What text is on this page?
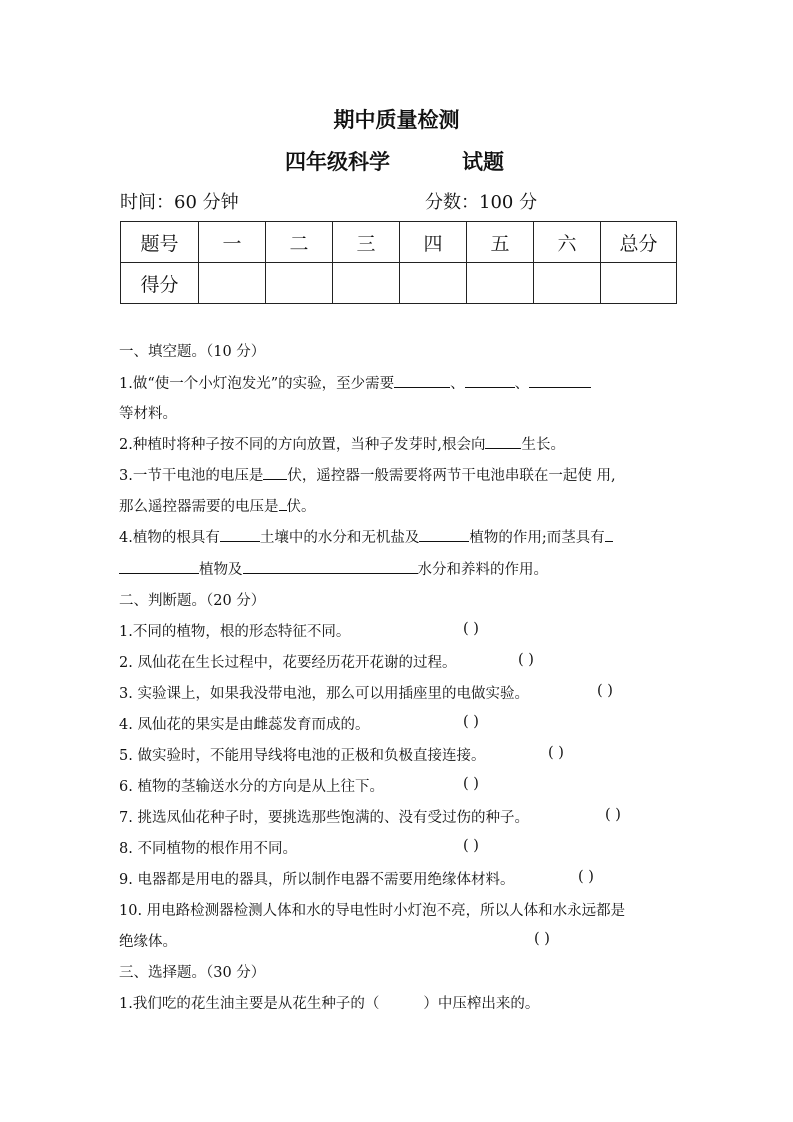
期中质量检测
四年级科学	试题
时间：60 分钟	分数：100 分
题号	一	二	三	四	五	六	总分
得分							
一、填空题。（10 分）
1.做“使一个小灯泡发光”的实验，至少需要	、	、
等材料。
2.种植时将种子按不同的方向放置，当种子发芽时,根会向 生长。
3.一节干电池的电压是 伏，遥控器一般需要将两节干电池串联在一起使 用,
那么遥控器需要的电压是 伏。
4.植物的根具有	土壤中的水分和无机盐及	植物的作用;而茎具有
植物及	水分和养料的作用。
二、判断题。（20 分）
1.不同的植物，根的形态特征不同。	( )
2. 凤仙花在生长过程中，花要经历花开花谢的过程。	( )
3. 实验课上，如果我没带电池，那么可以用插座里的电做实验。	( )
4. 凤仙花的果实是由雌蕊发育而成的。	( )
5. 做实验时，不能用导线将电池的正极和负极直接连接。	( )
6. 植物的茎输送水分的方向是从上往下。	( )
7. 挑选凤仙花种子时，要挑选那些饱满的、没有受过伤的种子。	( )
8. 不同植物的根作用不同。	( )
9. 电器都是用电的器具，所以制作电器不需要用绝缘体材料。	( )
10. 用电路检测器检测人体和水的导电性时小灯泡不亮，所以人体和水永远都是
绝缘体。	( )
三、选择题。（30 分）
1.我们吃的花生油主要是从花生种子的（	）中压榨出来的。
